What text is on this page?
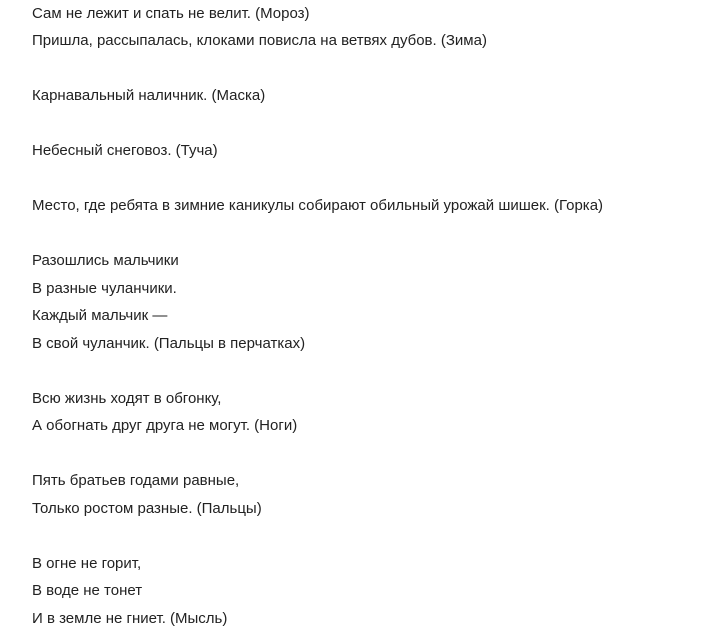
Сам не лежит и спать не велит. (Мороз)
Пришла, рассыпалась, клоками повисла на ветвях дубов. (Зима)
Карнавальный наличник. (Маска)
Небесный снеговоз. (Туча)
Место, где ребята в зимние каникулы собирают обильный урожай шишек. (Горка)
Разошлись мальчики
В разные чуланчики.
Каждый мальчик —
В свой чуланчик. (Пальцы в перчатках)
Всю жизнь ходят в обгонку,
А обогнать друг друга не могут. (Ноги)
Пять братьев годами равные,
Только ростом разные. (Пальцы)
В огне не горит,
В воде не тонет
И в земле не гниет. (Мысль)
